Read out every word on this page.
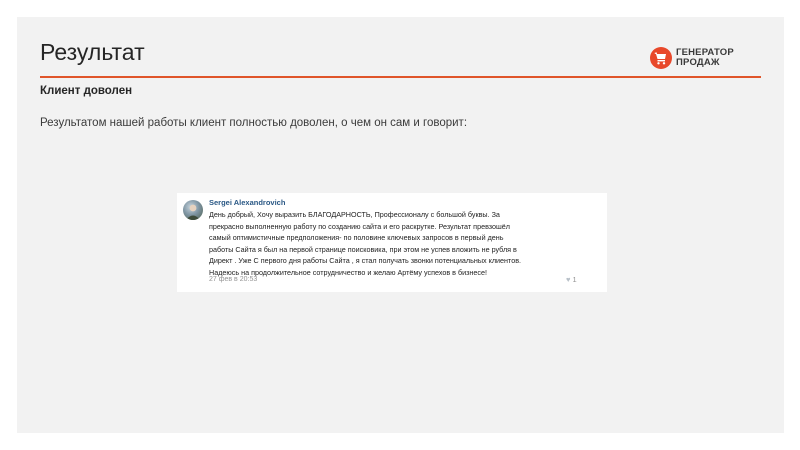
Результат	ГЕНЕРАТОР
ПРОДАЖ
Клиент доволен
Результатом нашей работы клиент полностью доволен, о чем он сам и говорит:
Sergei Alexandrovich

День добрый, Хочу выразить БЛАГОДАРНОСТЬ, Профессионалу с большой буквы. За
прекрасно выполненную работу по созданию сайта и его раскрутке. Результат превзошёл
самый оптимистичные предположения- по половине ключевых запросов в первый день
работы Сайта я был на первой странице поисковика, при этом не успев вложить не рубля в
Директ . Уже С первого дня работы Сайта , я стал получать звонки потенциальных клиентов.
Надеюсь на продолжительное сотрудничество и желаю Артёму успехов в бизнесе!

27 фев в 20:53	♥ 1
